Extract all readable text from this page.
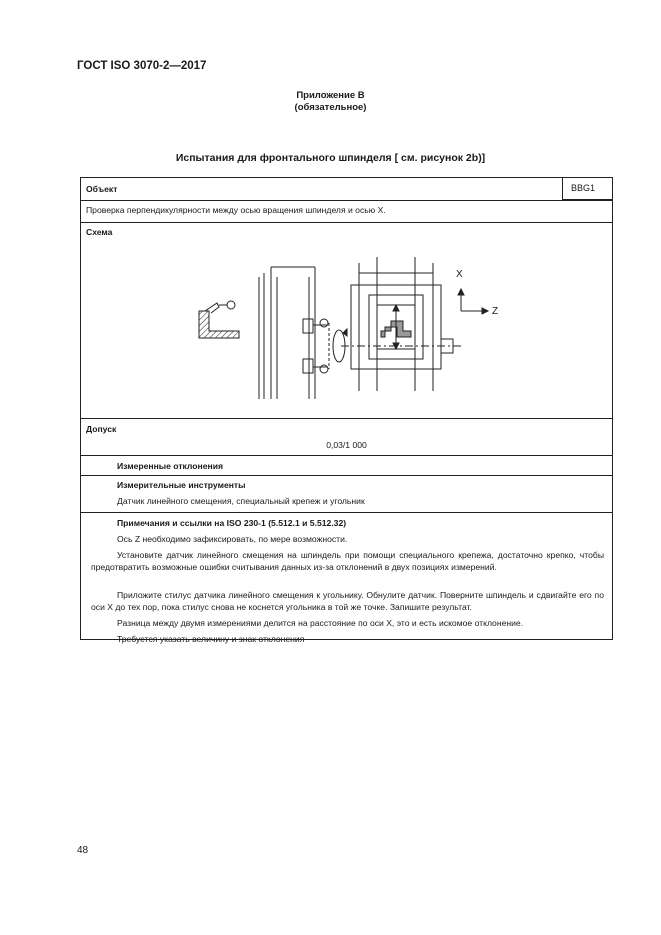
ГОСТ ISO 3070-2—2017
Приложение В
(обязательное)
Испытания для фронтального шпинделя [ см. рисунок 2b)]
Объект	BBG1
Проверка перпендикулярности между осью вращения шпинделя и осью X.
Схема
X
Z
Допуск
0,03/1 000
Измеренные отклонения
Измерительные инструменты
Датчик линейного смещения, специальный крепеж и угольник
Примечания и ссылки на ISO 230-1 (5.512.1 и 5.512.32)
Ось Z необходимо зафиксировать, по мере возможности.
Установите датчик линейного смещения на шпиндель при помощи специального крепежа, достаточно крепко, чтобы предотвратить возможные ошибки считывания данных из-за отклонений в двух позициях измерений.
Приложите стилус датчика линейного смещения к угольнику. Обнулите датчик. Поверните шпиндель и сдвигайте его по оси X до тех пор, пока стилус снова не коснется угольника в той же точке. Запишите результат.
Разница между двумя измерениями делится на расстояние по оси X, это и есть искомое отклонение.
Требуется указать величину и знак отклонения
48
